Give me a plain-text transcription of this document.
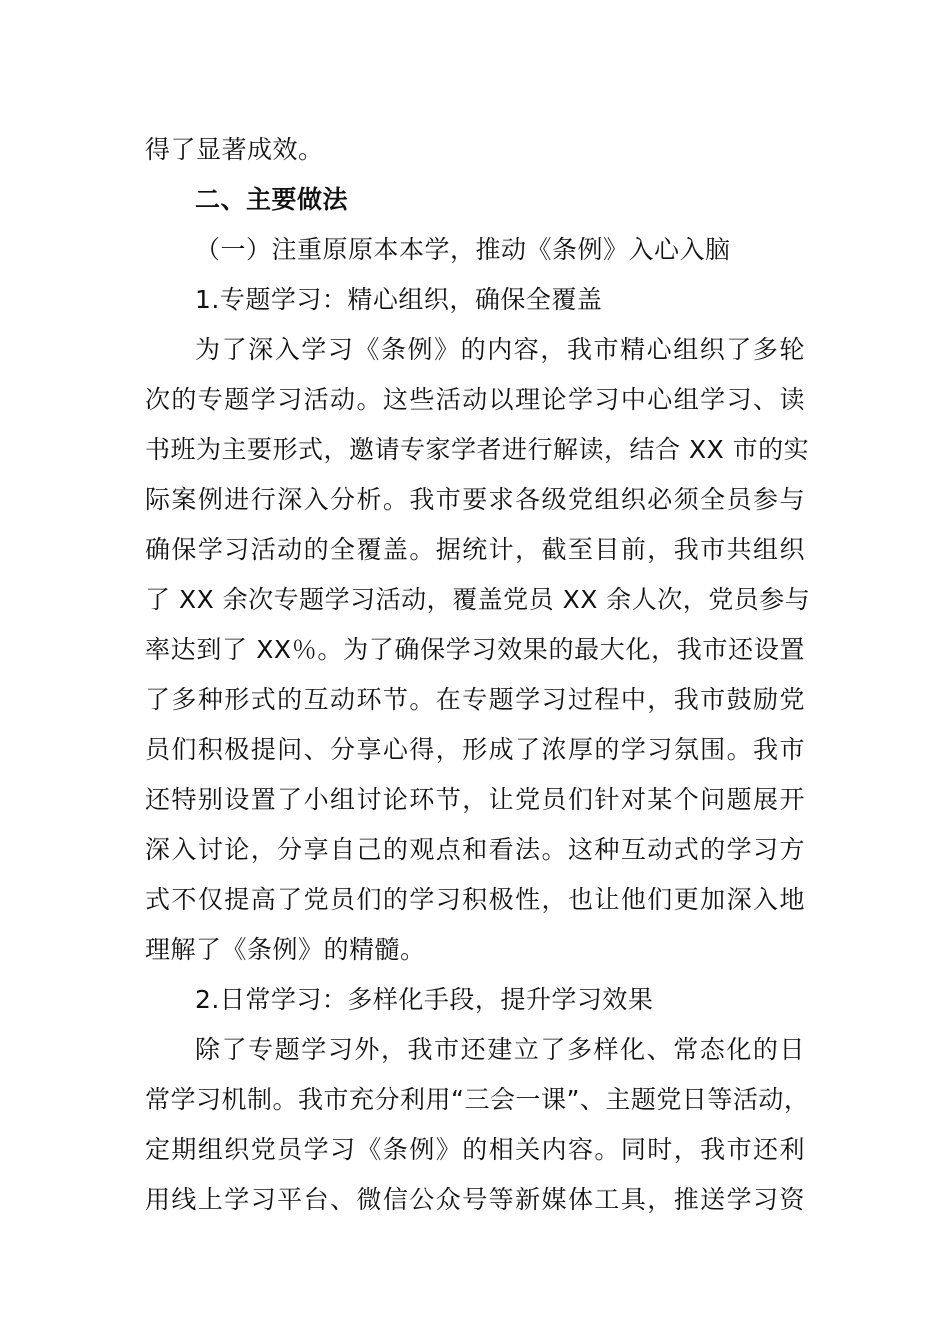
得了显著成效。
二、主要做法
（一）注重原原本本学，推动《条例》入心入脑
1.专题学习：精心组织，确保全覆盖
为了深入学习《条例》的内容，我市精心组织了多轮
次的专题学习活动。这些活动以理论学习中心组学习、读
书班为主要形式，邀请专家学者进行解读，结合 XX 市的实
际案例进行深入分析。我市要求各级党组织必须全员参与
确保学习活动的全覆盖。据统计，截至目前，我市共组织
了 XX 余次专题学习活动，覆盖党员 XX 余人次，党员参与
率达到了 XX％。为了确保学习效果的最大化，我市还设置
了多种形式的互动环节。在专题学习过程中，我市鼓励党
员们积极提问、分享心得，形成了浓厚的学习氛围。我市
还特别设置了小组讨论环节，让党员们针对某个问题展开
深入讨论，分享自己的观点和看法。这种互动式的学习方
式不仅提高了党员们的学习积极性，也让他们更加深入地
理解了《条例》的精髓。
2.日常学习：多样化手段，提升学习效果
除了专题学习外，我市还建立了多样化、常态化的日
常学习机制。我市充分利用“三会一课”、主题党日等活动，
定期组织党员学习《条例》的相关内容。同时，我市还利
用线上学习平台、微信公众号等新媒体工具，推送学习资
